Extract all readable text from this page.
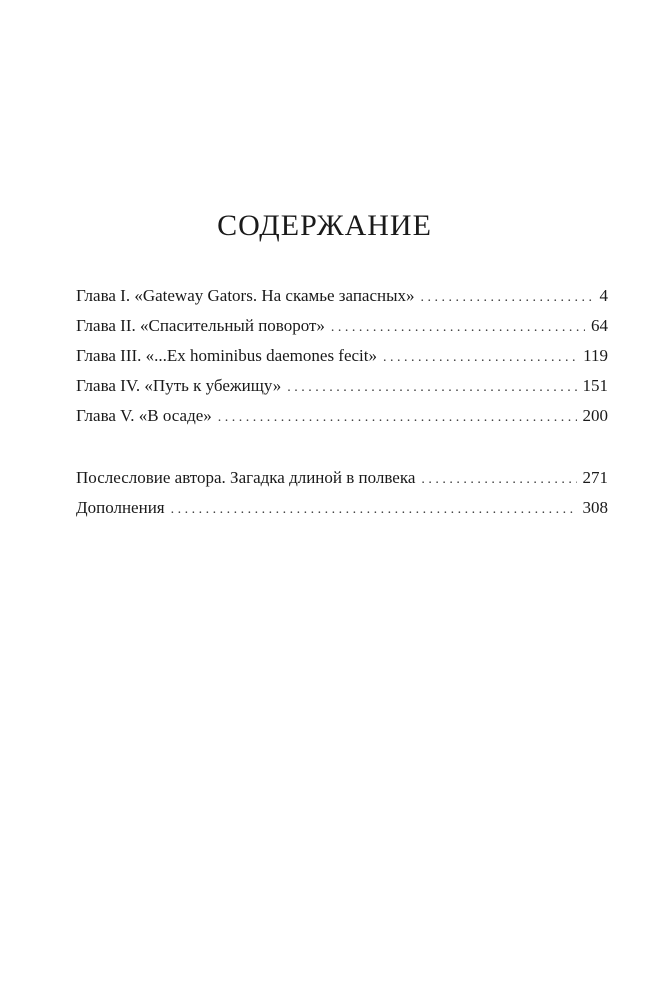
СОДЕРЖАНИЕ
Глава I. «Gateway Gators. На скамье запасных» . . .	4
Глава II. «Спасительный поворот» . . .	64
Глава III. «...Ex hominibus daemones fecit» . . .	119
Глава IV. «Путь к убежищу» . . .	151
Глава V. «В осаде» . . .	200
Послесловие автора. Загадка длиной в полвека . . .	271
Дополнения . . .	308
